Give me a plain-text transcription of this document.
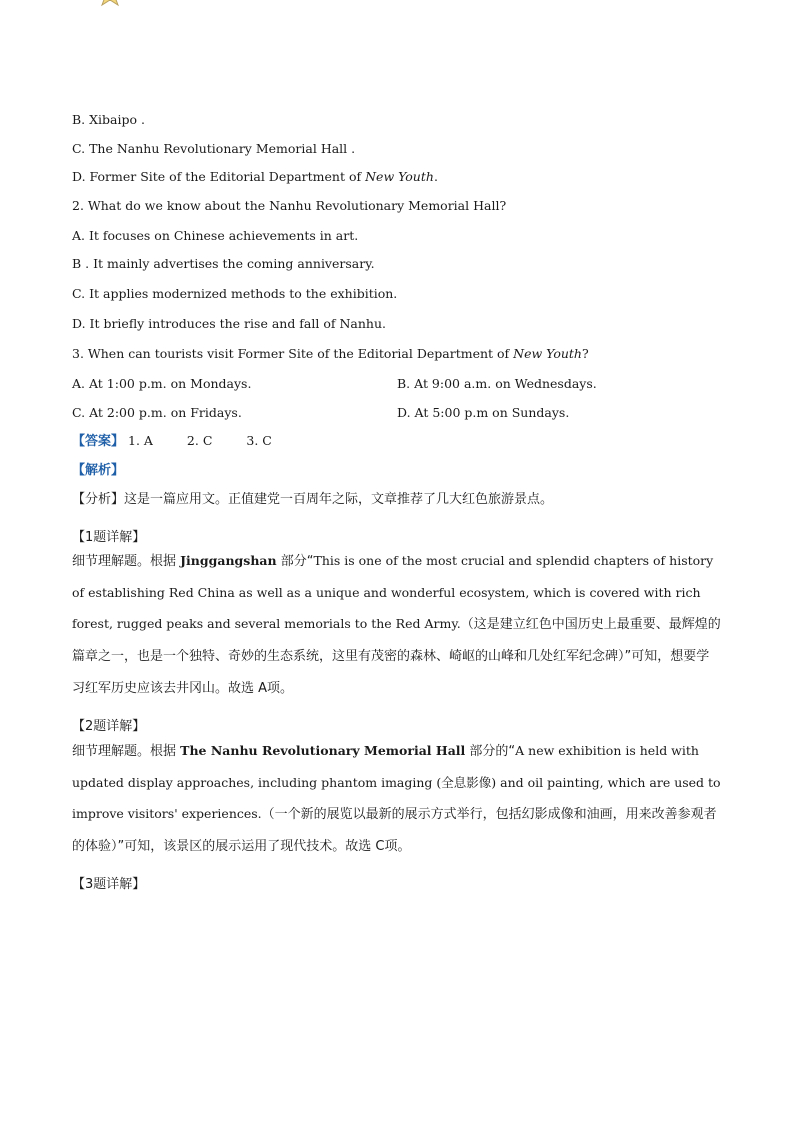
B. Xibaipo .
C. The Nanhu Revolutionary Memorial Hall .
D. Former Site of the Editorial Department of New Youth.
2. What do we know about the Nanhu Revolutionary Memorial Hall?
A. It focuses on Chinese achievements in art.
B . It mainly advertises the coming anniversary.
C. It applies modernized methods to the exhibition.
D. It briefly introduces the rise and fall of Nanhu.
3. When can tourists visit Former Site of the Editorial Department of New Youth?
A. At 1:00 p.m. on Mondays.	B. At 9:00 a.m. on Wednesdays.
C. At 2:00 p.m. on Fridays.	D. At 5:00 p.m on Sundays.
【答案】 1. A	2. C	3. C
【解析】
【分析】这是一篇应用文。正值建党一百周年之际，文章推荐了几大红色旅游景点。
【1题详解】
细节理解题。根据 Jinggangshan 部分“This is one of the most crucial and splendid chapters of history of establishing Red China as well as a unique and wonderful ecosystem, which is covered with rich forest, rugged peaks and several memorials to the Red Army.（这是建立红色中国历史上最重要、最辉煌的篇章之一，也是一个独特、奇妙的生态系统，这里有茂密的森林、崎岖的山峰和几处红军纪念碑）”可知，想要学习红军历史应该去井冈山。故选 A项。
【2题详解】
细节理解题。根据 The Nanhu Revolutionary Memorial Hall 部分的“A new exhibition is held with updated display approaches, including phantom imaging (全息影像) and oil painting, which are used to improve visitors' experiences.（一个新的展览以最新的展示方式举行，包括幻影成像和油画，用来改善参观者的体验）”可知，该景区的展示运用了现代技术。故选 C项。
【3题详解】
